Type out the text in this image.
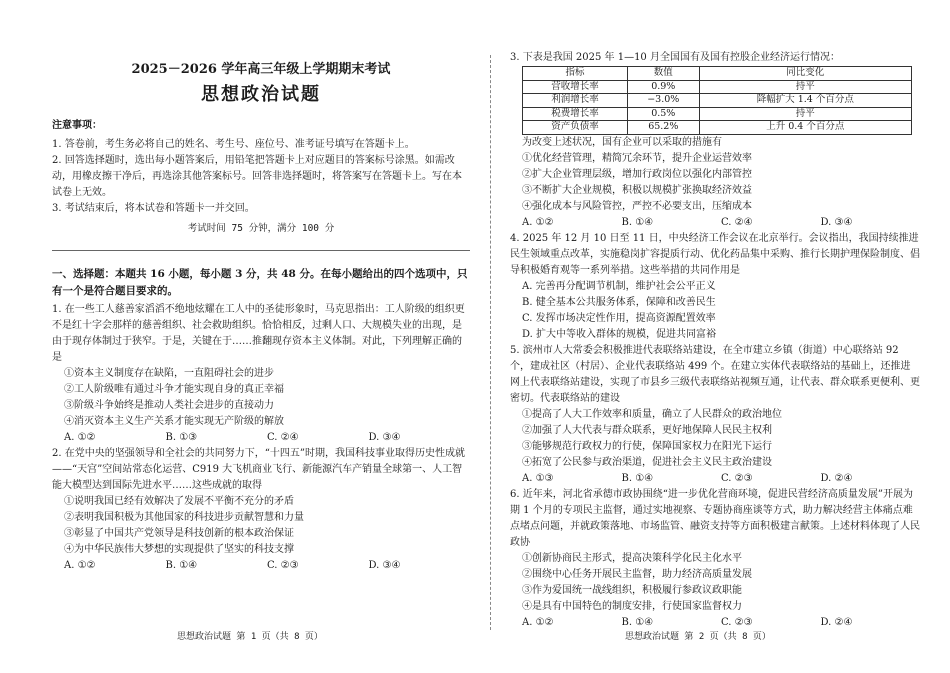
2025－2026 学年高三年级上学期期末考试
思想政治试题

注意事项：

1. 答卷前，考生务必将自己的姓名、考生号、座位号、准考证号填写在答题卡上。

2. 回答选择题时，选出每小题答案后，用铅笔把答题卡上对应题目的答案标号涂黑。如需改动，用橡皮擦干净后，再选涂其他答案标号。回答非选择题时，将答案写在答题卡上。写在本试卷上无效。

3. 考试结束后，将本试卷和答题卡一并交回。

考试时间 75 分钟，满分 100 分

一、选择题：本题共 16 小题，每小题 3 分，共 48 分。在每小题给出的四个选项中，只有一个是符合题目要求的。

1. 在一些工人慈善家滔滔不绝地炫耀在工人中的圣徒形象时，马克思指出：工人阶级的组织更不是红十字会那样的慈善组织、社会救助组织。恰恰相反，过剩人口、大规模失业的出现，是由于现存体制过于狭窄。于是，关键在于……推翻现存资本主义体制。对此，下列理解正确的是

①资本主义制度存在缺陷，一直阻碍社会的进步

②工人阶级唯有通过斗争才能实现自身的真正幸福

③阶级斗争始终是推动人类社会进步的直接动力

④消灭资本主义生产关系才能实现无产阶级的解放

A. ①②	B. ①③	C. ②④	D. ③④

2. 在党中央的坚强领导和全社会的共同努力下，“十四五”时期，我国科技事业取得历史性成就——“天宫”空间站常态化运营、C919 大飞机商业飞行、新能源汽车产销量全球第一、人工智能大模型达到国际先进水平……这些成就的取得

①说明我国已经有效解决了发展不平衡不充分的矛盾

②表明我国积极为其他国家的科技进步贡献智慧和力量

③彰显了中国共产党领导是科技创新的根本政治保证

④为中华民族伟大梦想的实现提供了坚实的科技支撑

A. ①②	B. ①④	C. ②③	D. ③④
思想政治试题 第 1 页（共 8 页）

3. 下表是我国 2025 年 1—10 月全国国有及国有控股企业经济运行情况：

指标	数值	同比变化
营收增长率	0.9%	持平
利润增长率	−3.0%	降幅扩大 1.4 个百分点
税费增长率	0.5%	持平
资产负债率	65.2%	上升 0.4 个百分点

为改变上述状况，国有企业可以采取的措施有

①优化经营管理，精简冗余环节，提升企业运营效率

②扩大企业管理层级，增加行政岗位以强化内部管控

③不断扩大企业规模，积极以规模扩张换取经济效益

④强化成本与风险管控，严控不必要支出，压缩成本

A. ①②	B. ①④	C. ②④	D. ③④

4. 2025 年 12 月 10 日至 11 日，中央经济工作会议在北京举行。会议指出，我国持续推进民生领域重点改革，实施稳岗扩容提质行动、优化药品集中采购、推行长期护理保险制度、倡导积极婚育观等一系列举措。这些举措的共同作用是

A. 完善再分配调节机制，维护社会公平正义

B. 健全基本公共服务体系，保障和改善民生

C. 发挥市场决定性作用，提高资源配置效率

D. 扩大中等收入群体的规模，促进共同富裕

5. 滨州市人大常委会积极推进代表联络站建设，在全市建立乡镇（街道）中心联络站 92 个，建成社区（村居）、企业代表联络站 499 个。在建立实体代表联络站的基础上，还推进网上代表联络站建设，实现了市县乡三级代表联络站视频互通，让代表、群众联系更便利、更密切。代表联络站的建设

①提高了人大工作效率和质量，确立了人民群众的政治地位

②加强了人大代表与群众联系，更好地保障人民民主权利

③能够规范行政权力的行使，保障国家权力在阳光下运行

④拓宽了公民参与政治渠道，促进社会主义民主政治建设

A. ①③	B. ①④	C. ②③	D. ②④

6. 近年来，河北省承德市政协围绕“进一步优化营商环境，促进民营经济高质量发展”开展为期 1 个月的专项民主监督，通过实地视察、专题协商座谈等方式，助力解决经营主体痛点难点堵点问题，并就政策落地、市场监管、融资支持等方面积极建言献策。上述材料体现了人民政协

①创新协商民主形式，提高决策科学化民主化水平

②围绕中心任务开展民主监督，助力经济高质量发展

③作为爱国统一战线组织，积极履行参政议政职能

④是具有中国特色的制度安排，行使国家监督权力

A. ①②	B. ①④	C. ②③	D. ②④
思想政治试题 第 2 页（共 8 页）
